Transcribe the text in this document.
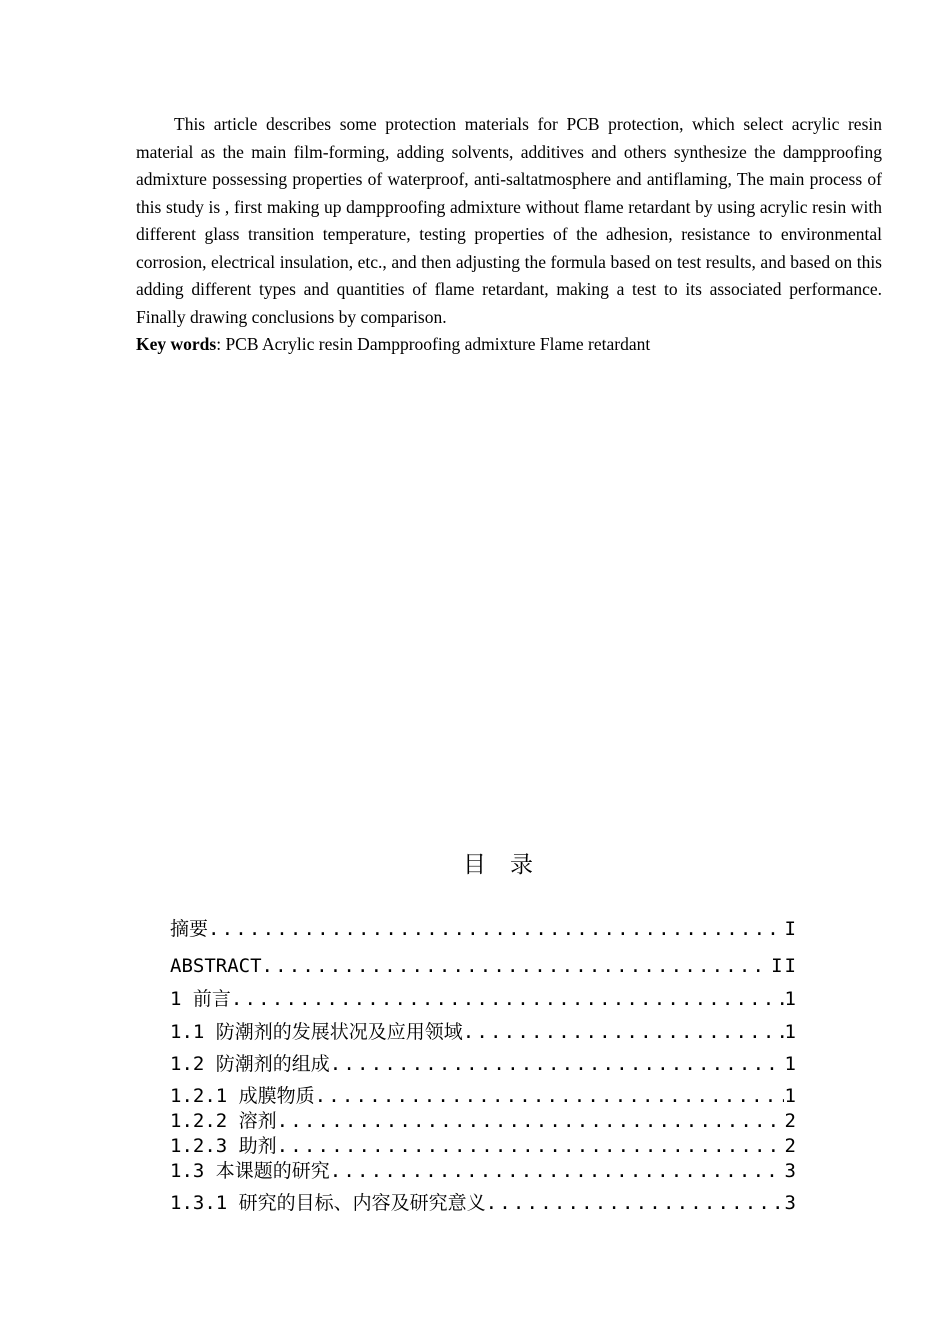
This article describes some protection materials for PCB protection, which select acrylic resin material as the main film-forming, adding solvents, additives and others synthesize the dampproofing admixture possessing properties of waterproof, anti-saltatmosphere and antiflaming, The main process of this study is , first making up dampproofing admixture without flame retardant by using acrylic resin with different glass transition temperature, testing properties of the adhesion, resistance to environmental corrosion, electrical insulation, etc., and then adjusting the formula based on test results, and based on this adding different types and quantities of flame retardant, making a test to its associated performance. Finally drawing conclusions by comparison.

Key words: PCB Acrylic resin Dampproofing admixture Flame retardant

目录
摘要 .....	I
ABSTRACT .....	II
1 前言 .....	1
1.1 防潮剂的发展状况及应用领域 .....	1
1.2 防潮剂的组成 .....	1
1.2.1 成膜物质 .....	1
1.2.2 溶剂 .....	2
1.2.3 助剂 .....	2
1.3 本课题的研究 .....	3
1.3.1 研究的目标、内容及研究意义 .....	3
